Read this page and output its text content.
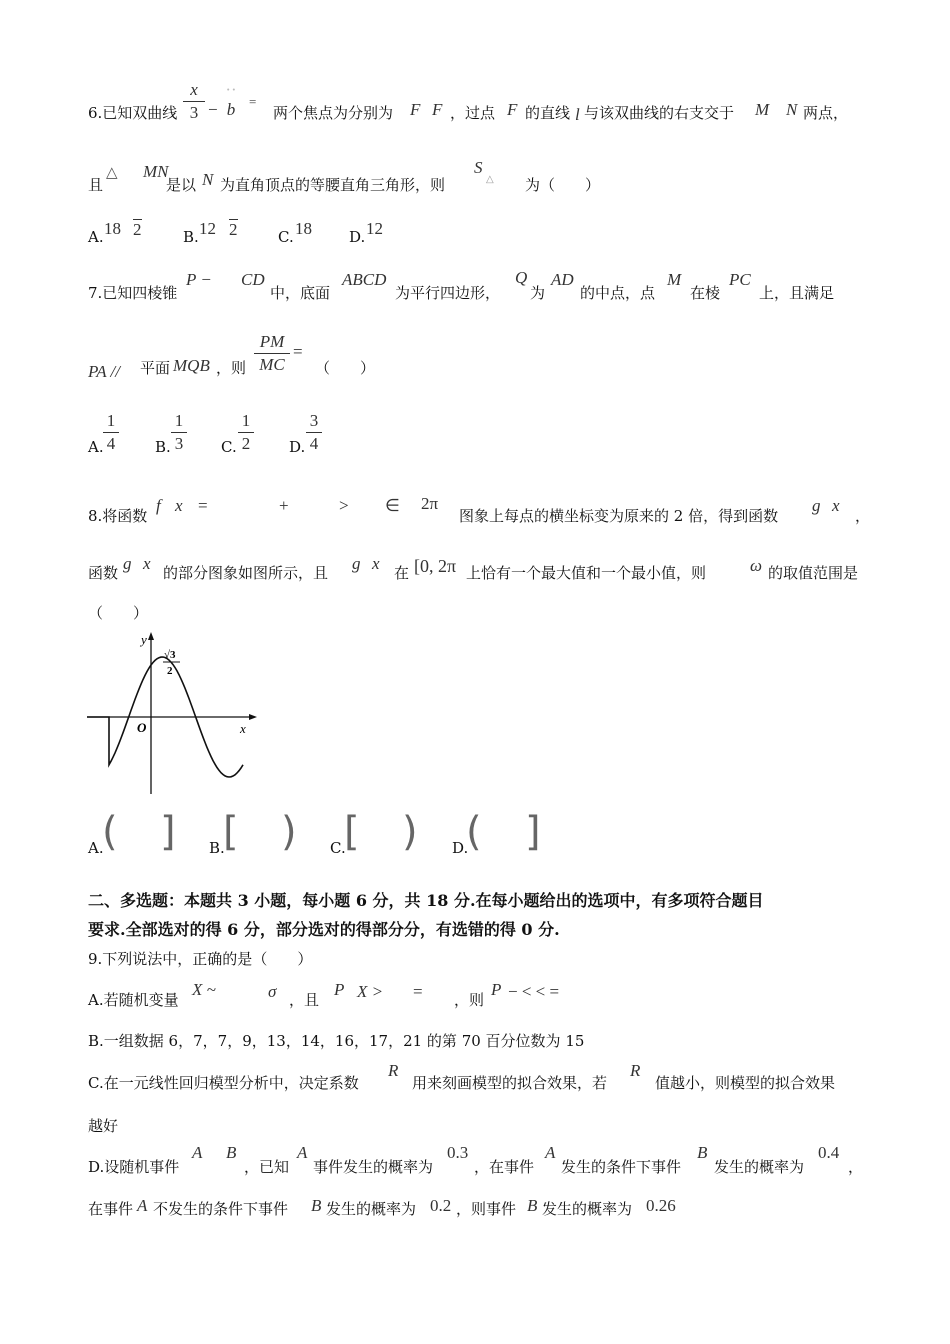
6.已知双曲线
x
3 −
··
b	=
两个焦点为分别为 F F ，过点 F 的直线 l 与该双曲线的右支交于 M N 两点，
且
△ MN
是以 N 为直角顶点的等腰直角三角形，则
S
△ 为（　　）
A. 18 2	B. 12 2	C. 18 D. 12
7.已知四棱锥
P − CD
中，底面
ABCD
为平行四边形，
Q
为
AD
的中点，点
M
在棱
PC
上，且满足
PA // 平面 MQB ，则
PM
MC
=
（　　）
A.
1
4	B.
1
3	C.
1
2	D.
3
4
8.将函数
f x =	+	> ∈ 2π
图象上每点的横坐标变为原来的 2 倍，得到函数
g x
，
函数 g x 的部分图象如图所示，且 g x 在 [0, 2π 上恰有一个最大值和一个最小值，则	ω 的取值范围是
（　　）
y
x
O
√3
2
A.
( ] B.
[ ) C.
[ ) D.
( ]
二、多选题：本题共 3 小题，每小题 6 分，共 18 分.在每小题给出的选项中，有多项符合题目
要求.全部选对的得 6 分，部分选对的得部分分，有选错的得 0 分.
9.下列说法中，正确的是（　　）
A.若随机变量
X ~	σ ，且
P X > = ，则
P − < < =
B.一组数据 6，7，7，9，13，14，16，17，21 的第 70 百分位数为 15
C.在一元线性回归模型分析中，决定系数
R
用来刻画模型的拟合效果，若
R
值越小，则模型的拟合效果
越好
D.设随机事件
A B
，已知
A
事件发生的概率为
0.3
，在事件
A
发生的条件下事件
B
发生的概率为
0.4
，
在事件 A 不发生的条件下事件 B 发生的概率为 0.2 ，则事件 B 发生的概率为 0.26
